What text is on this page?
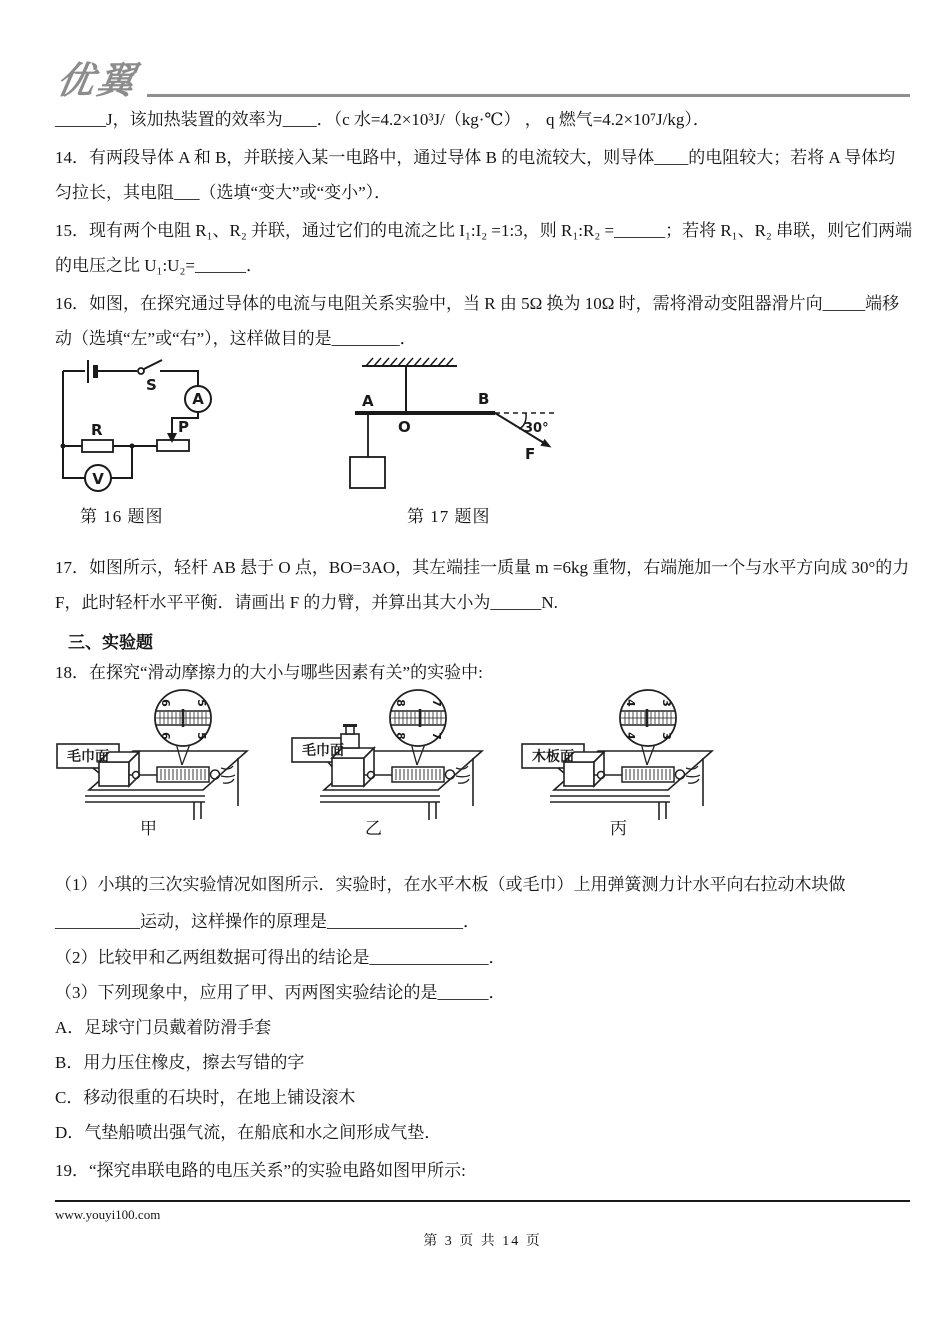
优翼
______J，该加热装置的效率为____．（c 水=4.2×10³J/（kg·℃） ， q 燃气=4.2×10⁷J/kg）．
14．有两段导体 A 和 B，并联接入某一电路中，通过导体 B 的电流较大，则导体____的电阻较大；若将 A 导体均
匀拉长，其电阻___（选填“变大”或“变小”）．
15．现有两个电阻 R₁、R₂ 并联，通过它们的电流之比 I₁:I₂ =1:3，则 R₁:R₂ =______；若将 R₁、R₂ 串联，则它们两端
的电压之比 U₁:U₂=______．
16．如图，在探究通过导体的电流与电阻关系实验中，当 R 由 5Ω 换为 10Ω 时，需将滑动变阻器滑片向_____端移
动（选填“左”或“右”），这样做目的是________．
S
A
R	P
V
A
O
B
F
30°
第 16 题图	第 17 题图
17．如图所示，轻杆 AB 悬于 O 点，BO=3AO，其左端挂一质量 m =6kg 重物，右端施加一个与水平方向成 30°的力
F，此时轻杆水平平衡．请画出 F 的力臂，并算出其大小为______N.
三、实验题
18．在探究“滑动摩擦力的大小与哪些因素有关”的实验中:
毛巾面
6 5
6 5
毛巾面
8 7
8 7
木板面
4 3
4 3
甲	乙	丙
（1）小琪的三次实验情况如图所示．实验时，在水平木板（或毛巾）上用弹簧测力计水平向右拉动木块做
__________运动，这样操作的原理是________________．
（2）比较甲和乙两组数据可得出的结论是______________．
（3）下列现象中，应用了甲、丙两图实验结论的是______．
A．足球守门员戴着防滑手套
B．用力压住橡皮，擦去写错的字
C．移动很重的石块时，在地上铺设滚木
D．气垫船喷出强气流，在船底和水之间形成气垫．
19．“探究串联电路的电压关系”的实验电路如图甲所示:
www.youyi100.com
第 3 页 共 14 页
